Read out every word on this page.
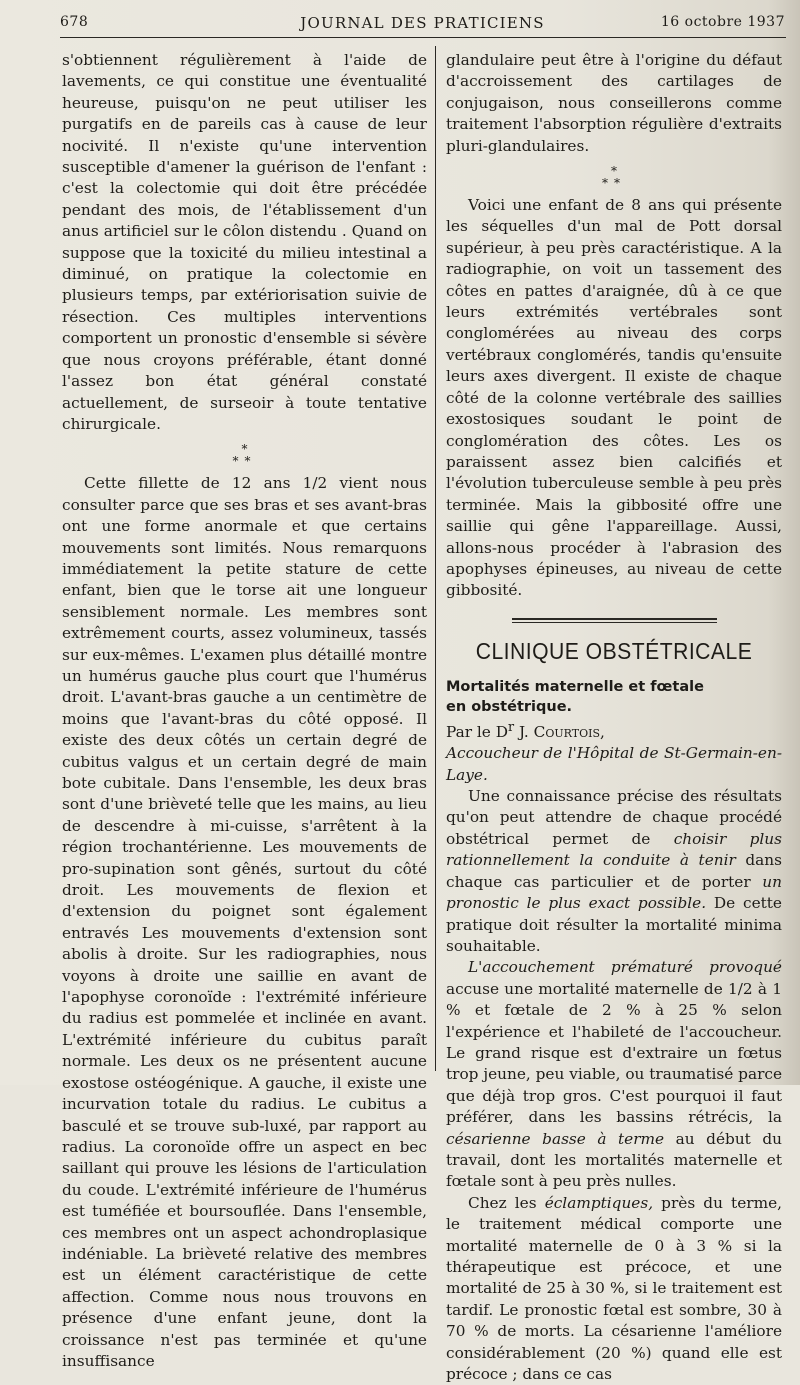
678	JOURNAL DES PRATICIENS	16 octobre 1937

s'obtiennent régulièrement à l'aide de lavements, ce qui constitue une éventualité heureuse, puisqu'on ne peut utiliser les purgatifs en de pareils cas à cause de leur nocivité. Il n'existe qu'une intervention susceptible d'amener la guérison de l'enfant : c'est la colectomie qui doit être précédée pendant des mois, de l'établissement d'un anus artificiel sur le côlon distendu . Quand on suppose que la toxicité du milieu intestinal a diminué, on pratique la colectomie en plusieurs temps, par extériorisation suivie de résection. Ces multiples interventions comportent un pronostic d'ensemble si sévère que nous croyons préférable, étant donné l'assez bon état général constaté actuellement, de surseoir à toute tentative chirurgicale.

*
**

Cette fillette de 12 ans 1/2 vient nous consulter parce que ses bras et ses avant-bras ont une forme anormale et que certains mouvements sont limités. Nous remarquons immédiatement la petite stature de cette enfant, bien que le torse ait une longueur sensiblement normale. Les membres sont extrêmement courts, assez volumineux, tassés sur eux-mêmes. L'examen plus détaillé montre un humérus gauche plus court que l'humérus droit. L'avant-bras gauche a un centimètre de moins que l'avant-bras du côté opposé. Il existe des deux côtés un certain degré de cubitus valgus et un certain degré de main bote cubitale. Dans l'ensemble, les deux bras sont d'une brièveté telle que les mains, au lieu de descendre à mi-cuisse, s'arrêtent à la région trochantérienne. Les mouvements de pro-supination sont gênés, surtout du côté droit. Les mouvements de flexion et d'extension du poignet sont également entravés Les mouvements d'extension sont abolis à droite. Sur les radiographies, nous voyons à droite une saillie en avant de l'apophyse coronoïde : l'extrémité inférieure du radius est pommelée et inclinée en avant. L'extrémité inférieure du cubitus paraît normale. Les deux os ne présentent aucune exostose ostéogénique. A gauche, il existe une incurvation totale du radius. Le cubitus a basculé et se trouve sub-luxé, par rapport au radius. La coronoïde offre un aspect en bec saillant qui prouve les lésions de l'articulation du coude. L'extrémité inférieure de l'humérus est tuméfiée et boursouflée. Dans l'ensemble, ces membres ont un aspect achondroplasique indéniable. La brièveté relative des membres est un élément caractéristique de cette affection. Comme nous nous trouvons en présence d'une enfant jeune, dont la croissance n'est pas terminée et qu'une insuffisance

glandulaire peut être à l'origine du défaut d'accroissement des cartilages de conjugaison, nous conseillerons comme traitement l'absorption régulière d'extraits pluri-glandulaires.

*
**

Voici une enfant de 8 ans qui présente les séquelles d'un mal de Pott dorsal supérieur, à peu près caractéristique. A la radiographie, on voit un tassement des côtes en pattes d'araignée, dû à ce que leurs extrémités vertébrales sont conglomérées au niveau des corps vertébraux conglomérés, tandis qu'ensuite leurs axes divergent. Il existe de chaque côté de la colonne vertébrale des saillies exostosiques soudant le point de conglomération des côtes. Les os paraissent assez bien calcifiés et l'évolution tuberculeuse semble à peu près terminée. Mais la gibbosité offre une saillie qui gêne l'appareillage. Aussi, allons-nous procéder à l'abrasion des apophyses épineuses, au niveau de cette gibbosité.

CLINIQUE OBSTÉTRICALE

Mortalités maternelle et fœtale

en obstétrique.

Par le $D^r$ J. Courtois,

Accoucheur de l'Hôpital de St-Germain-en-Laye.

Une connaissance précise des résultats qu'on peut attendre de chaque procédé obstétrical permet de choisir plus rationnellement la conduite à tenir dans chaque cas particulier et de porter un pronostic le plus exact possible. De cette pratique doit résulter la mortalité minima souhaitable.

L'accouchement prématuré provoqué accuse une mortalité maternelle de 1/2 à 1 % et fœtale de 2 % à 25 % selon l'expérience et l'habileté de l'accoucheur. Le grand risque est d'extraire un fœtus trop jeune, peu viable, ou traumatisé parce que déjà trop gros. C'est pourquoi il faut préférer, dans les bassins rétrécis, la césarienne basse à terme au début du travail, dont les mortalités maternelle et fœtale sont à peu près nulles.

Chez les éclamptiques, près du terme, le traitement médical comporte une mortalité maternelle de 0 à 3 % si la thérapeutique est précoce, et une mortalité de 25 à 30 %, si le traitement est tardif. Le pronostic fœtal est sombre, 30 à 70 % de morts. La césarienne l'améliore considérablement (20 %) quand elle est précoce ; dans ce cas
